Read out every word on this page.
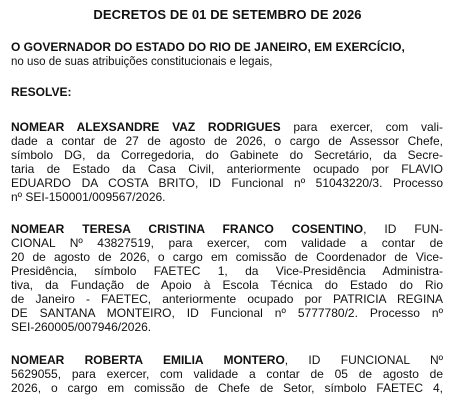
DECRETOS DE 01 DE SETEMBRO DE 2026
O GOVERNADOR DO ESTADO DO RIO DE JANEIRO, EM EXERCÍCIO,
no uso de suas atribuições constitucionais e legais,
RESOLVE:
NOMEAR ALEXSANDRE VAZ RODRIGUES para exercer, com vali-
dade a contar de 27 de agosto de 2026, o cargo de Assessor Chefe,
símbolo DG, da Corregedoria, do Gabinete do Secretário, da Secre-
taria de Estado da Casa Civil, anteriormente ocupado por FLAVIO
EDUARDO DA COSTA BRITO, ID Funcional nº 51043220/3. Processo
nº SEI-150001/009567/2026.
NOMEAR TERESA CRISTINA FRANCO COSENTINO, ID FUN-
CIONAL Nº 43827519, para exercer, com validade a contar de
20 de agosto de 2026, o cargo em comissão de Coordenador de Vice-
Presidência, símbolo FAETEC 1, da Vice-Presidência Administra-
tiva, da Fundação de Apoio à Escola Técnica do Estado do Rio
de Janeiro - FAETEC, anteriormente ocupado por PATRICIA REGINA
DE SANTANA MONTEIRO, ID Funcional nº 5777780/2. Processo nº
SEI-260005/007946/2026.
NOMEAR ROBERTA EMILIA MONTERO, ID FUNCIONAL Nº
5629055, para exercer, com validade a contar de 05 de agosto de
2026, o cargo em comissão de Chefe de Setor, símbolo FAETEC 4,
